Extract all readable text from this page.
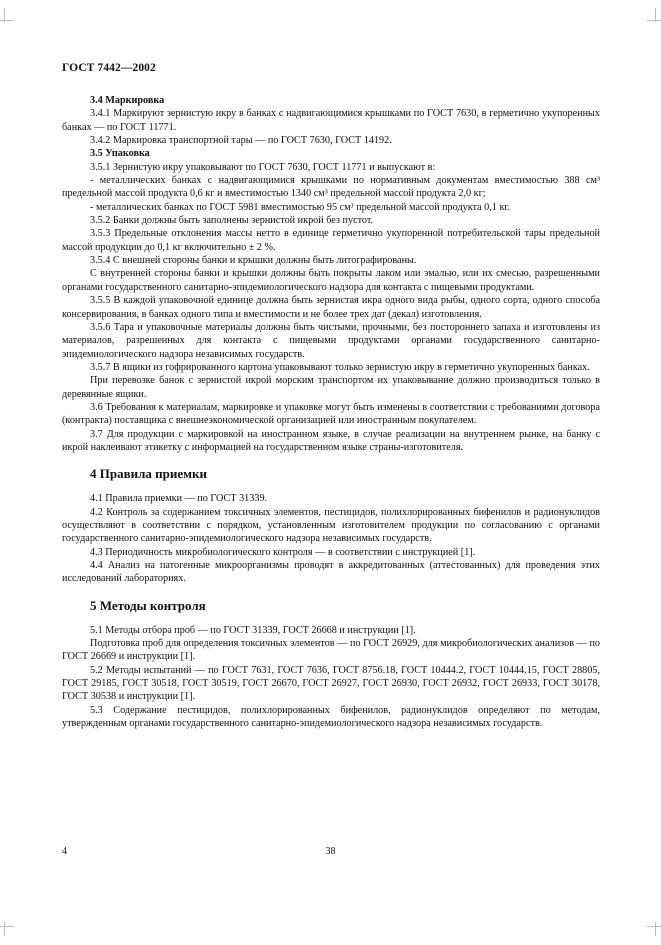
ГОСТ 7442—2002

3.4 Маркировка

3.4.1 Маркируют зернистую икру в банках с надвигающимися крышками по ГОСТ 7630, в герметично укупоренных банках — по ГОСТ 11771.

3.4.2 Маркировка транспортной тары — по ГОСТ 7630, ГОСТ 14192.

3.5 Упаковка

3.5.1 Зернистую икру упаковывают по ГОСТ 7630, ГОСТ 11771 и выпускают в:

- металлических банках с надвигающимися крышками по нормативным документам вместимостью 388 см³ предельной массой продукта 0,6 кг и вместимостью 1340 см³ предельной массой продукта 2,0 кг;

- металлических банках по ГОСТ 5981 вместимостью 95 см³ предельной массой продукта 0,1 кг.

3.5.2 Банки должны быть заполнены зернистой икрой без пустот.

3.5.3 Предельные отклонения массы нетто в единице герметично укупоренной потребительской тары предельной массой продукции до 0,1 кг включительно ± 2 %.

3.5.4 С внешней стороны банки и крышки должны быть литографированы.

С внутренней стороны банки и крышки должны быть покрыты лаком или эмалью, или их смесью, разрешенными органами государственного санитарно-эпидемиологического надзора для контакта с пищевыми продуктами.

3.5.5 В каждой упаковочной единице должна быть зернистая икра одного вида рыбы, одного сорта, одного способа консервирования, в банках одного типа и вместимости и не более трех дат (декал) изготовления.

3.5.6 Тара и упаковочные материалы должны быть чистыми, прочными, без постороннего запаха и изготовлены из материалов, разрешенных для контакта с пищевыми продуктами органами государственного санитарно-эпидемиологического надзора независимых государств.

3.5.7 В ящики из гофрированного картона упаковывают только зернистую икру в герметично укупоренных банках.

При перевозке банок с зернистой икрой морским транспортом их упаковывание должно производиться только в деревянные ящики.

3.6 Требования к материалам, маркировке и упаковке могут быть изменены в соответствии с требованиями договора (контракта) поставщика с внешнеэкономической организацией или иностранным покупателем.

3.7 Для продукции с маркировкой на иностранном языке, в случае реализации на внутреннем рынке, на банку с икрой наклеивают этикетку с информацией на государственном языке страны-изготовителя.

4 Правила приемки

4.1 Правила приемки — по ГОСТ 31339.

4.2 Контроль за содержанием токсичных элементов, пестицидов, полихлорированных бифенилов и радионуклидов осуществляют в соответствии с порядком, установленным изготовителем продукции по согласованию с органами государственного санитарно-эпидемиологического надзора независимых государств.

4.3 Периодичность микробиологического контроля — в соответствии с инструкцией [1].

4.4 Анализ на патогенные микроорганизмы проводят в аккредитованных (аттестованных) для проведения этих исследований лабораториях.

5 Методы контроля

5.1 Методы отбора проб — по ГОСТ 31339, ГОСТ 26668 и инструкции [1].

Подготовка проб для определения токсичных элементов — по ГОСТ 26929, для микробиологических анализов — по ГОСТ 26669 и инструкции [1].

5.2 Методы испытаний — по ГОСТ 7631, ГОСТ 7636, ГОСТ 8756.18, ГОСТ 10444.2, ГОСТ 10444.15, ГОСТ 28805, ГОСТ 29185, ГОСТ 30518, ГОСТ 30519, ГОСТ 26670, ГОСТ 26927, ГОСТ 26930, ГОСТ 26932, ГОСТ 26933, ГОСТ 30178, ГОСТ 30538 и инструкции [1].

5.3 Содержание пестицидов, полихлорированных бифенилов, радионуклидов определяют по методам, утвержденным органами государственного санитарно-эпидемиологического надзора независимых государств.

4	38
